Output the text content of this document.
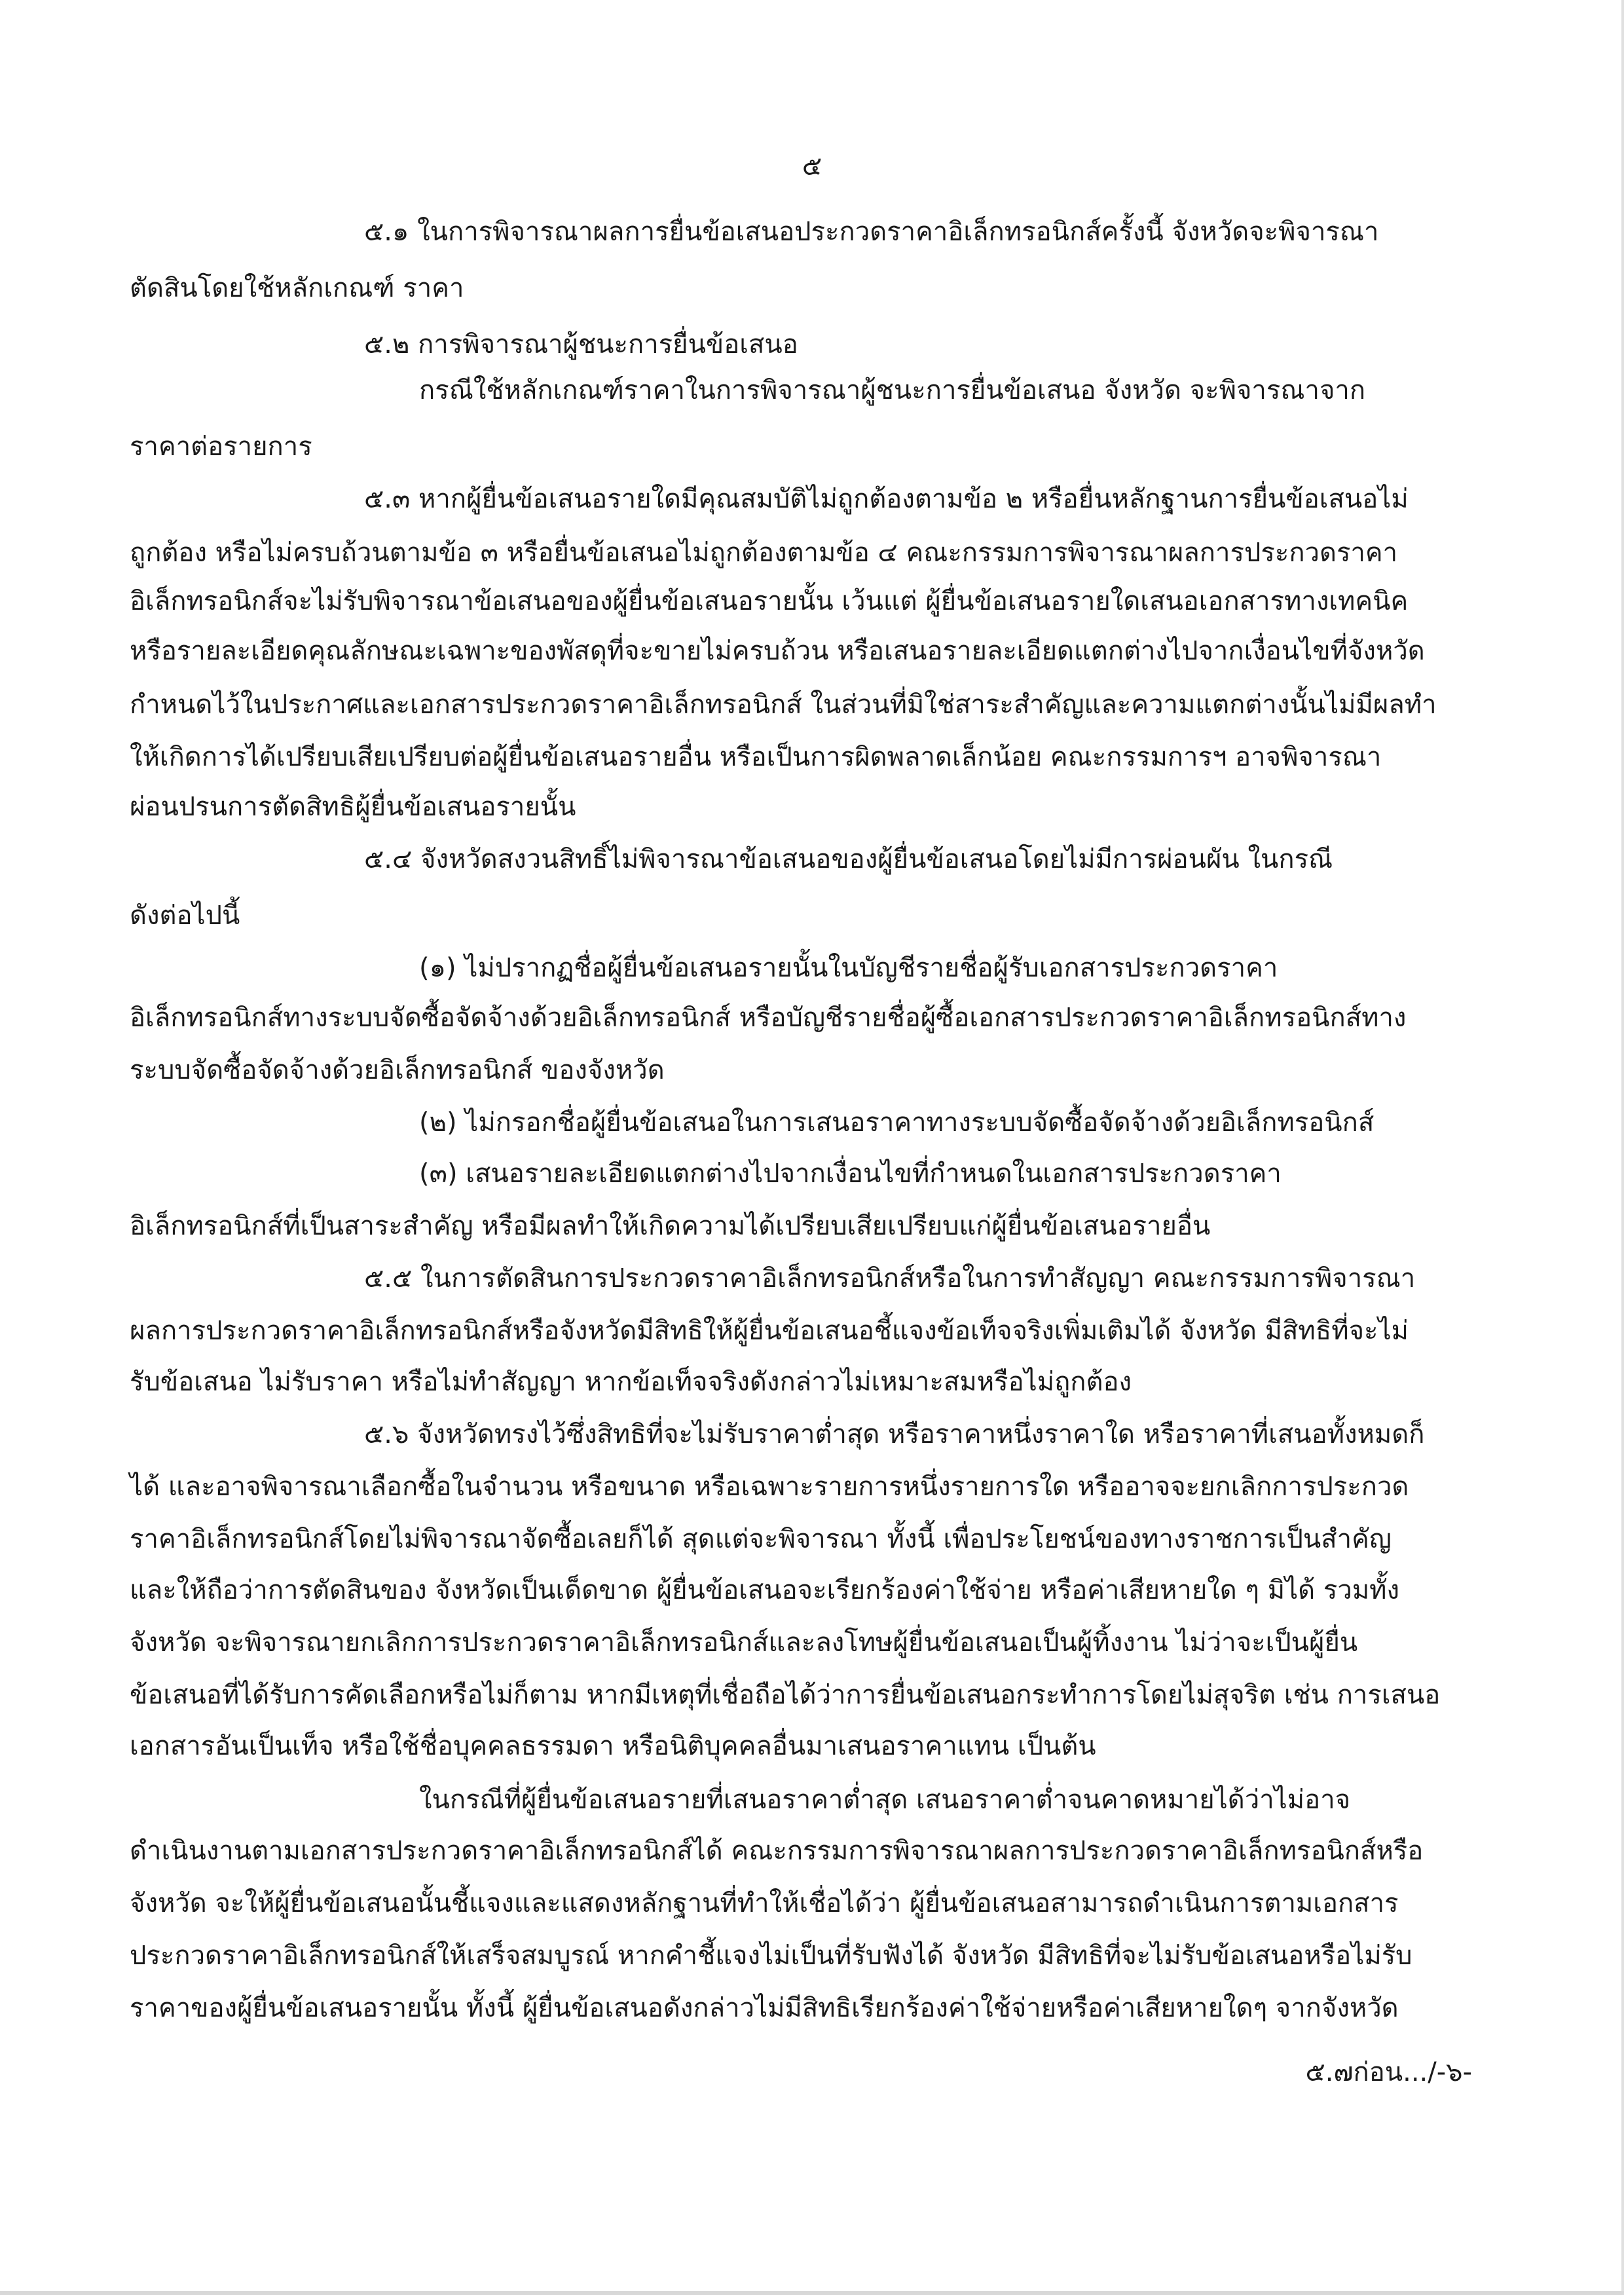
๕
๕.๑ ในการพิจารณาผลการยื่นข้อเสนอประกวดราคาอิเล็กทรอนิกส์ครั้งนี้ จังหวัดจะพิจารณา
ตัดสินโดยใช้หลักเกณฑ์ ราคา
๕.๒ การพิจารณาผู้ชนะการยื่นข้อเสนอ
กรณีใช้หลักเกณฑ์ราคาในการพิจารณาผู้ชนะการยื่นข้อเสนอ จังหวัด จะพิจารณาจาก
ราคาต่อรายการ
๕.๓ หากผู้ยื่นข้อเสนอรายใดมีคุณสมบัติไม่ถูกต้องตามข้อ ๒ หรือยื่นหลักฐานการยื่นข้อเสนอไม่
ถูกต้อง หรือไม่ครบถ้วนตามข้อ ๓ หรือยื่นข้อเสนอไม่ถูกต้องตามข้อ ๔ คณะกรรมการพิจารณาผลการประกวดราคา
อิเล็กทรอนิกส์จะไม่รับพิจารณาข้อเสนอของผู้ยื่นข้อเสนอรายนั้น เว้นแต่ ผู้ยื่นข้อเสนอรายใดเสนอเอกสารทางเทคนิค
หรือรายละเอียดคุณลักษณะเฉพาะของพัสดุที่จะขายไม่ครบถ้วน หรือเสนอรายละเอียดแตกต่างไปจากเงื่อนไขที่จังหวัด
กำหนดไว้ในประกาศและเอกสารประกวดราคาอิเล็กทรอนิกส์ ในส่วนที่มิใช่สาระสำคัญและความแตกต่างนั้นไม่มีผลทำ
ให้เกิดการได้เปรียบเสียเปรียบต่อผู้ยื่นข้อเสนอรายอื่น หรือเป็นการผิดพลาดเล็กน้อย คณะกรรมการฯ อาจพิจารณา
ผ่อนปรนการตัดสิทธิผู้ยื่นข้อเสนอรายนั้น
๕.๔ จังหวัดสงวนสิทธิ์ไม่พิจารณาข้อเสนอของผู้ยื่นข้อเสนอโดยไม่มีการผ่อนผัน ในกรณี
ดังต่อไปนี้
(๑) ไม่ปรากฏชื่อผู้ยื่นข้อเสนอรายนั้นในบัญชีรายชื่อผู้รับเอกสารประกวดราคา
อิเล็กทรอนิกส์ทางระบบจัดซื้อจัดจ้างด้วยอิเล็กทรอนิกส์ หรือบัญชีรายชื่อผู้ซื้อเอกสารประกวดราคาอิเล็กทรอนิกส์ทาง
ระบบจัดซื้อจัดจ้างด้วยอิเล็กทรอนิกส์ ของจังหวัด
(๒) ไม่กรอกชื่อผู้ยื่นข้อเสนอในการเสนอราคาทางระบบจัดซื้อจัดจ้างด้วยอิเล็กทรอนิกส์
(๓) เสนอรายละเอียดแตกต่างไปจากเงื่อนไขที่กำหนดในเอกสารประกวดราคา
อิเล็กทรอนิกส์ที่เป็นสาระสำคัญ หรือมีผลทำให้เกิดความได้เปรียบเสียเปรียบแก่ผู้ยื่นข้อเสนอรายอื่น
๕.๕ ในการตัดสินการประกวดราคาอิเล็กทรอนิกส์หรือในการทำสัญญา คณะกรรมการพิจารณา
ผลการประกวดราคาอิเล็กทรอนิกส์หรือจังหวัดมีสิทธิให้ผู้ยื่นข้อเสนอชี้แจงข้อเท็จจริงเพิ่มเติมได้ จังหวัด มีสิทธิที่จะไม่
รับข้อเสนอ ไม่รับราคา หรือไม่ทำสัญญา หากข้อเท็จจริงดังกล่าวไม่เหมาะสมหรือไม่ถูกต้อง
๕.๖ จังหวัดทรงไว้ซึ่งสิทธิที่จะไม่รับราคาต่ำสุด หรือราคาหนึ่งราคาใด หรือราคาที่เสนอทั้งหมดก็
ได้ และอาจพิจารณาเลือกซื้อในจำนวน หรือขนาด หรือเฉพาะรายการหนึ่งรายการใด หรืออาจจะยกเลิกการประกวด
ราคาอิเล็กทรอนิกส์โดยไม่พิจารณาจัดซื้อเลยก็ได้ สุดแต่จะพิจารณา ทั้งนี้ เพื่อประโยชน์ของทางราชการเป็นสำคัญ
และให้ถือว่าการตัดสินของ จังหวัดเป็นเด็ดขาด ผู้ยื่นข้อเสนอจะเรียกร้องค่าใช้จ่าย หรือค่าเสียหายใด ๆ มิได้ รวมทั้ง
จังหวัด จะพิจารณายกเลิกการประกวดราคาอิเล็กทรอนิกส์และลงโทษผู้ยื่นข้อเสนอเป็นผู้ทิ้งงาน ไม่ว่าจะเป็นผู้ยื่น
ข้อเสนอที่ได้รับการคัดเลือกหรือไม่ก็ตาม หากมีเหตุที่เชื่อถือได้ว่าการยื่นข้อเสนอกระทำการโดยไม่สุจริต เช่น การเสนอ
เอกสารอันเป็นเท็จ หรือใช้ชื่อบุคคลธรรมดา หรือนิติบุคคลอื่นมาเสนอราคาแทน เป็นต้น
ในกรณีที่ผู้ยื่นข้อเสนอรายที่เสนอราคาต่ำสุด เสนอราคาต่ำจนคาดหมายได้ว่าไม่อาจ
ดำเนินงานตามเอกสารประกวดราคาอิเล็กทรอนิกส์ได้ คณะกรรมการพิจารณาผลการประกวดราคาอิเล็กทรอนิกส์หรือ
จังหวัด จะให้ผู้ยื่นข้อเสนอนั้นชี้แจงและแสดงหลักฐานที่ทำให้เชื่อได้ว่า ผู้ยื่นข้อเสนอสามารถดำเนินการตามเอกสาร
ประกวดราคาอิเล็กทรอนิกส์ให้เสร็จสมบูรณ์ หากคำชี้แจงไม่เป็นที่รับฟังได้ จังหวัด มีสิทธิที่จะไม่รับข้อเสนอหรือไม่รับ
ราคาของผู้ยื่นข้อเสนอรายนั้น ทั้งนี้ ผู้ยื่นข้อเสนอดังกล่าวไม่มีสิทธิเรียกร้องค่าใช้จ่ายหรือค่าเสียหายใดๆ จากจังหวัด
๕.๗ก่อน.../-๖-
